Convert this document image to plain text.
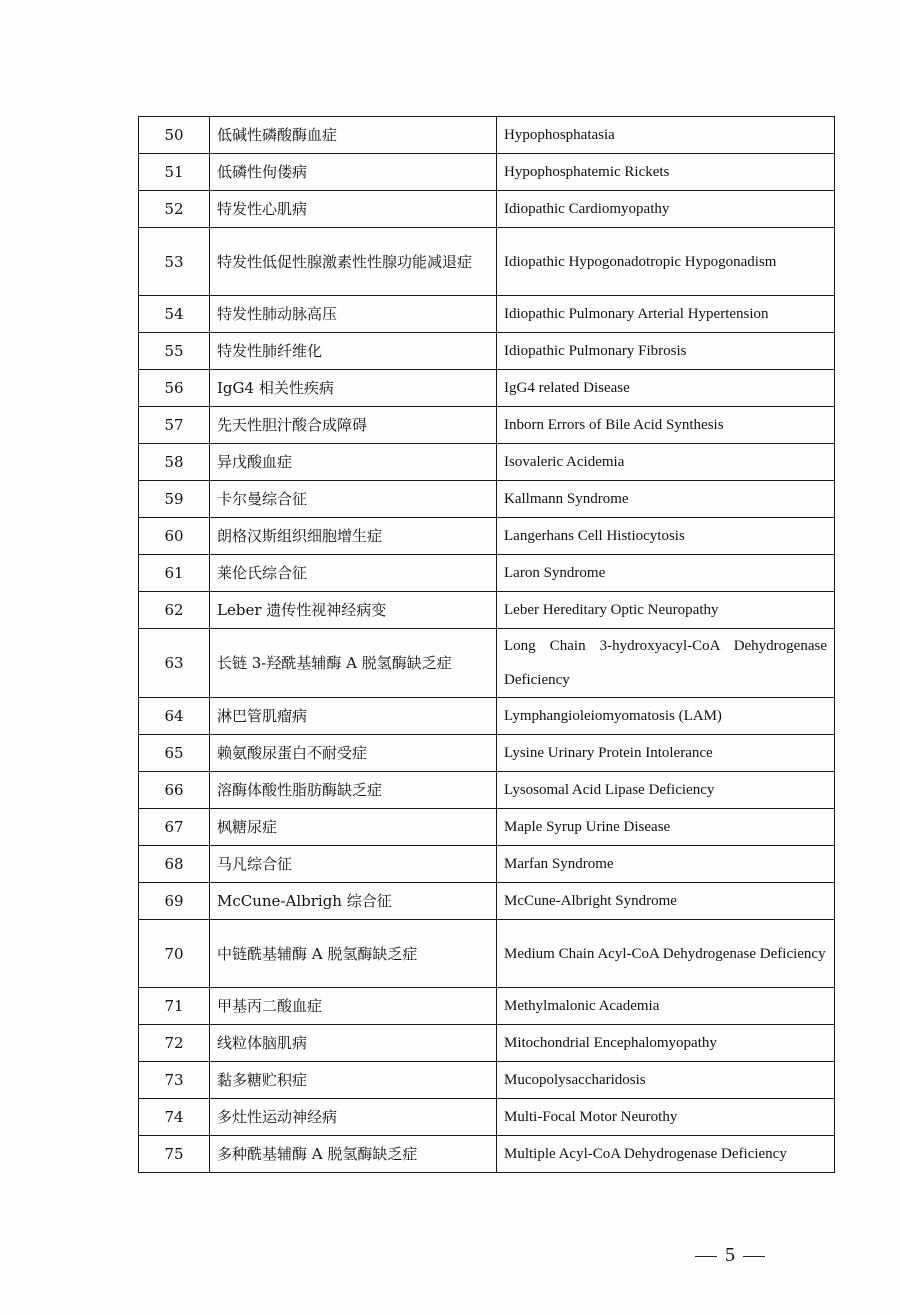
50	低碱性磷酸酶血症	Hypophosphatasia
51	低磷性佝偻病	Hypophosphatemic Rickets
52	特发性心肌病	Idiopathic Cardiomyopathy
53	特发性低促性腺激素性性腺功能减退症	Idiopathic Hypogonadotropic Hypogonadism
54	特发性肺动脉高压	Idiopathic Pulmonary Arterial Hypertension
55	特发性肺纤维化	Idiopathic Pulmonary Fibrosis
56	IgG4 相关性疾病	IgG4 related Disease
57	先天性胆汁酸合成障碍	Inborn Errors of Bile Acid Synthesis
58	异戊酸血症	Isovaleric Acidemia
59	卡尔曼综合征	Kallmann Syndrome
60	朗格汉斯组织细胞增生症	Langerhans Cell Histiocytosis
61	莱伦氏综合征	Laron Syndrome
62	Leber 遗传性视神经病变	Leber Hereditary Optic Neuropathy
63	长链 3-羟酰基辅酶 A 脱氢酶缺乏症	Long Chain 3-hydroxyacyl-CoA Dehydrogenase Deficiency
64	淋巴管肌瘤病	Lymphangioleiomyomatosis (LAM)
65	赖氨酸尿蛋白不耐受症	Lysine Urinary Protein Intolerance
66	溶酶体酸性脂肪酶缺乏症	Lysosomal Acid Lipase Deficiency
67	枫糖尿症	Maple Syrup Urine Disease
68	马凡综合征	Marfan Syndrome
69	McCune-Albrigh 综合征	McCune-Albright Syndrome
70	中链酰基辅酶 A 脱氢酶缺乏症	Medium Chain Acyl-CoA Dehydrogenase Deficiency
71	甲基丙二酸血症	Methylmalonic Academia
72	线粒体脑肌病	Mitochondrial Encephalomyopathy
73	黏多糖贮积症	Mucopolysaccharidosis
74	多灶性运动神经病	Multi-Focal Motor Neurothy
75	多种酰基辅酶 A 脱氢酶缺乏症	Multiple Acyl-CoA Dehydrogenase Deficiency
5
